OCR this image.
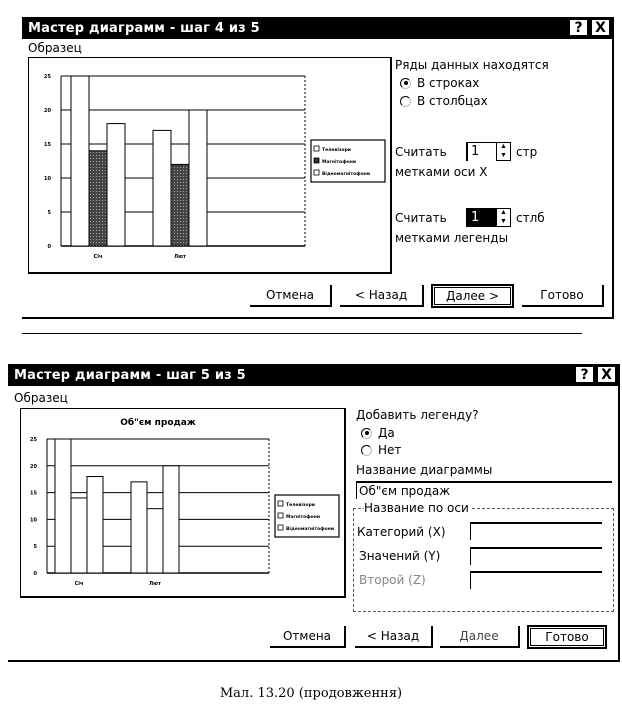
Мастер диаграмм - шаг 4 из 5	? X
Образец
0
5
10
15
20
25
Січ	Лют
Телевізори
Магнітофони
Відеомагнітофони
Ряды данных находятся
В строках
В столбцах
Считать	1	▲
▼ стр
метками оси X
Считать	1	▲
▼ стлб
метками легенды
Отмена	< Назад	Далее >	Готово
Мастер диаграмм - шаг 5 из 5	? X
Образец
Об"єм продаж
0
5
10
15
20
25
Січ	Лют
Телевізори
Магнітофони
Відеомагнітофони
Добавить легенду?
Да
Нет
Название диаграммы
Об"єм продаж
Название по оси
Категорий (X)
Значений (Y)
Второй (Z)
Отмена	< Назад	Далее	Готово
Мал. 13.20 (продовження)
